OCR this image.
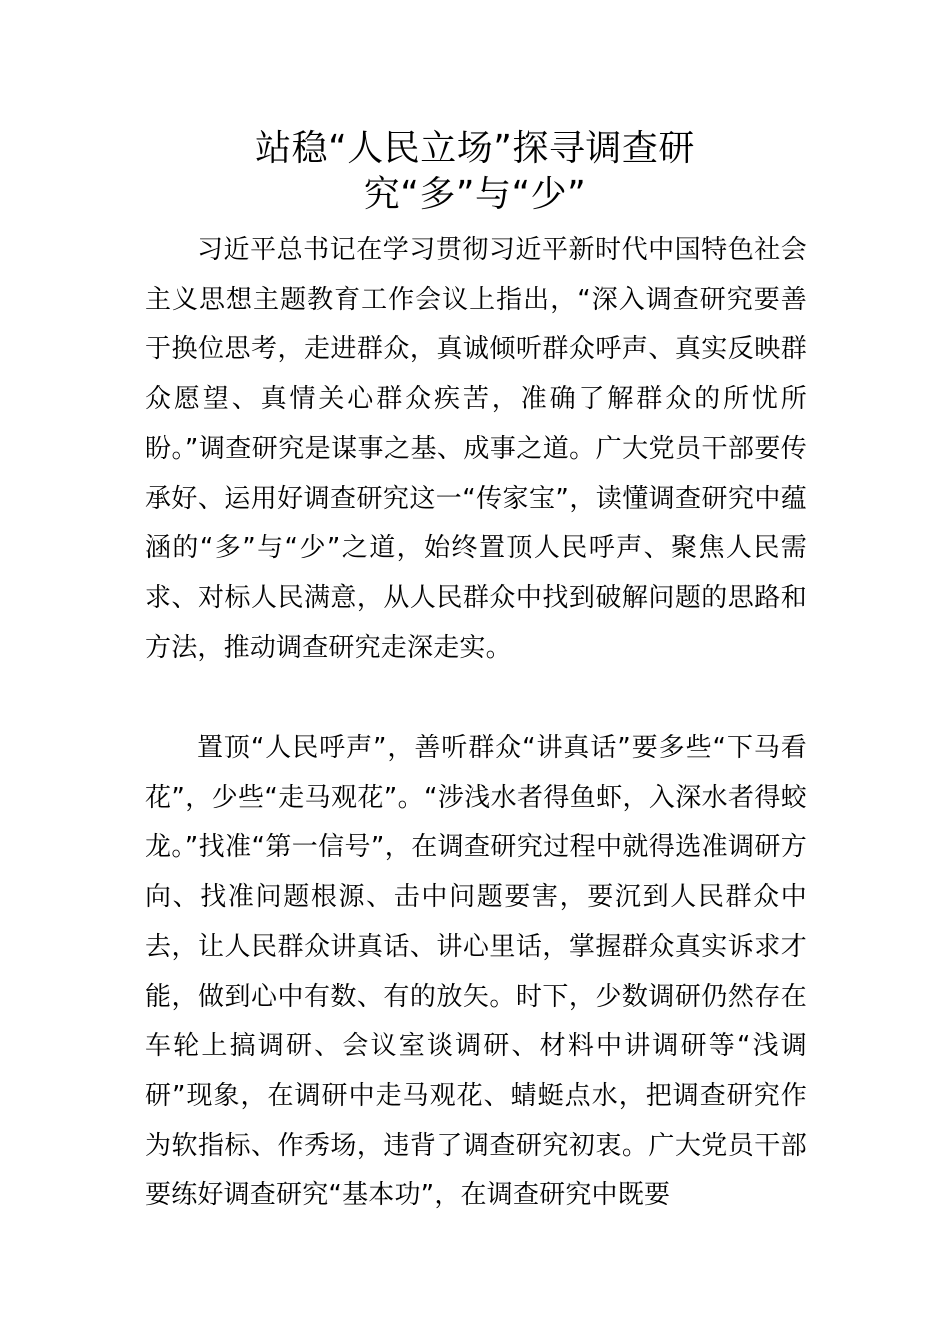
站稳“人民立场”探寻调查研究“多”与“少”

习近平总书记在学习贯彻习近平新时代中国特色社会主义思想主题教育工作会议上指出，“深入调查研究要善于换位思考，走进群众，真诚倾听群众呼声、真实反映群众愿望、真情关心群众疾苦，准确了解群众的所忧所盼。”调查研究是谋事之基、成事之道。广大党员干部要传承好、运用好调查研究这一“传家宝”，读懂调查研究中蕴涵的“多”与“少”之道，始终置顶人民呼声、聚焦人民需求、对标人民满意，从人民群众中找到破解问题的思路和方法，推动调查研究走深走实。

置顶“人民呼声”，善听群众“讲真话”要多些“下马看花”，少些“走马观花”。“涉浅水者得鱼虾，入深水者得蛟龙。”找准“第一信号”，在调查研究过程中就得选准调研方向、找准问题根源、击中问题要害，要沉到人民群众中去，让人民群众讲真话、讲心里话，掌握群众真实诉求才能，做到心中有数、有的放矢。时下，少数调研仍然存在车轮上搞调研、会议室谈调研、材料中讲调研等“浅调研”现象，在调研中走马观花、蜻蜓点水，把调查研究作为软指标、作秀场，违背了调查研究初衷。广大党员干部要练好调查研究“基本功”，在调查研究中既要
